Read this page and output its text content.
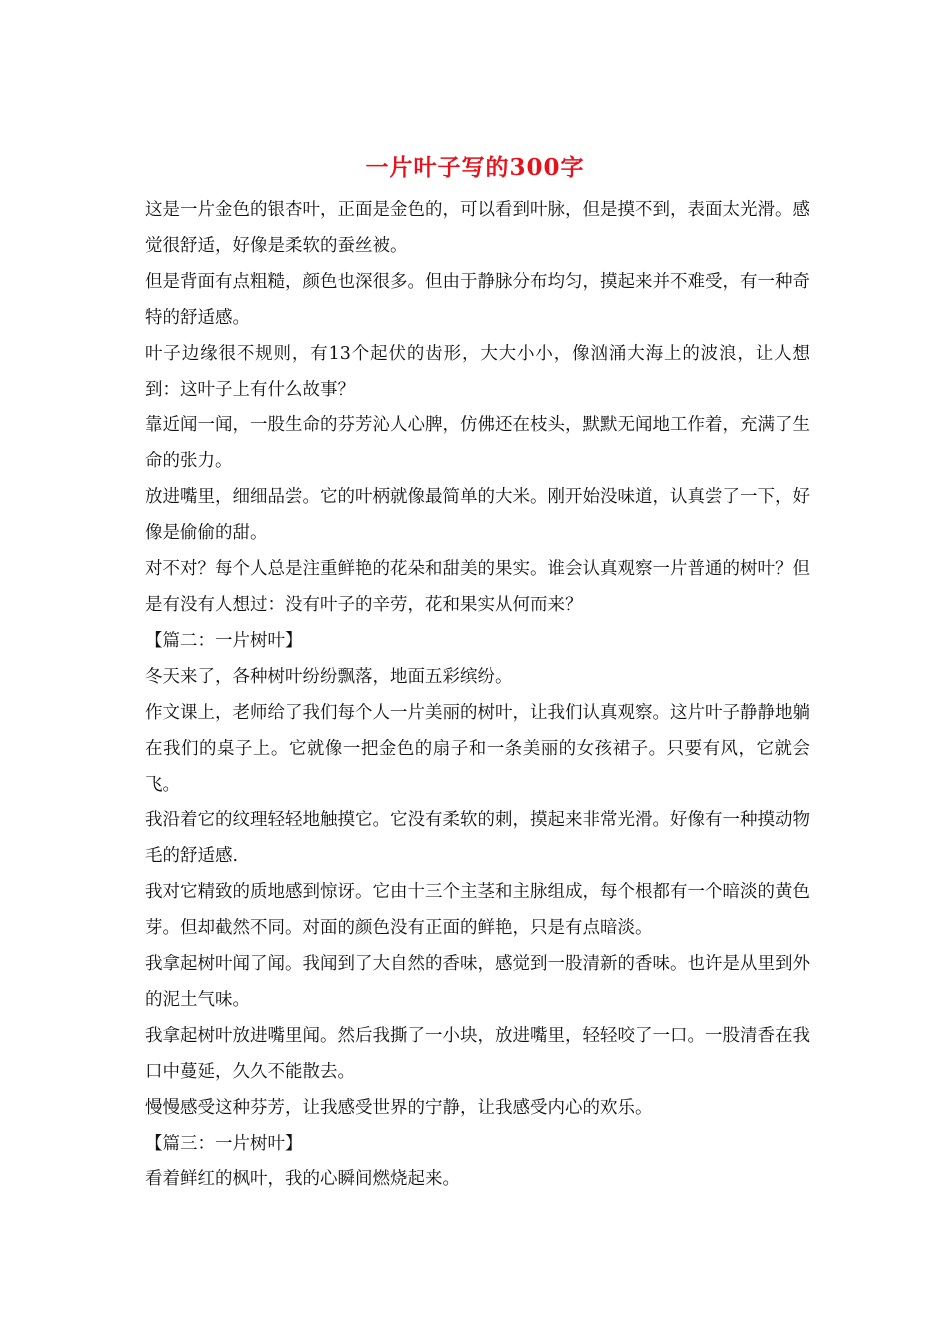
一片叶子写的300字

这是一片金色的银杏叶，正面是金色的，可以看到叶脉，但是摸不到，表面太光滑。感觉很舒适，好像是柔软的蚕丝被。

但是背面有点粗糙，颜色也深很多。但由于静脉分布均匀，摸起来并不难受，有一种奇特的舒适感。

叶子边缘很不规则，有13个起伏的齿形，大大小小，像汹涌大海上的波浪，让人想到：这叶子上有什么故事？

靠近闻一闻，一股生命的芬芳沁人心脾，仿佛还在枝头，默默无闻地工作着，充满了生命的张力。

放进嘴里，细细品尝。它的叶柄就像最简单的大米。刚开始没味道，认真尝了一下，好像是偷偷的甜。

对不对？每个人总是注重鲜艳的花朵和甜美的果实。谁会认真观察一片普通的树叶？但是有没有人想过：没有叶子的辛劳，花和果实从何而来？

【篇二：一片树叶】

冬天来了，各种树叶纷纷飘落，地面五彩缤纷。

作文课上，老师给了我们每个人一片美丽的树叶，让我们认真观察。这片叶子静静地躺在我们的桌子上。它就像一把金色的扇子和一条美丽的女孩裙子。只要有风，它就会飞。

我沿着它的纹理轻轻地触摸它。它没有柔软的刺，摸起来非常光滑。好像有一种摸动物毛的舒适感.

我对它精致的质地感到惊讶。它由十三个主茎和主脉组成，每个根都有一个暗淡的黄色芽。但却截然不同。对面的颜色没有正面的鲜艳，只是有点暗淡。

我拿起树叶闻了闻。我闻到了大自然的香味，感觉到一股清新的香味。也许是从里到外的泥土气味。

我拿起树叶放进嘴里闻。然后我撕了一小块，放进嘴里，轻轻咬了一口。一股清香在我口中蔓延，久久不能散去。

慢慢感受这种芬芳，让我感受世界的宁静，让我感受内心的欢乐。

【篇三：一片树叶】

看着鲜红的枫叶，我的心瞬间燃烧起来。
